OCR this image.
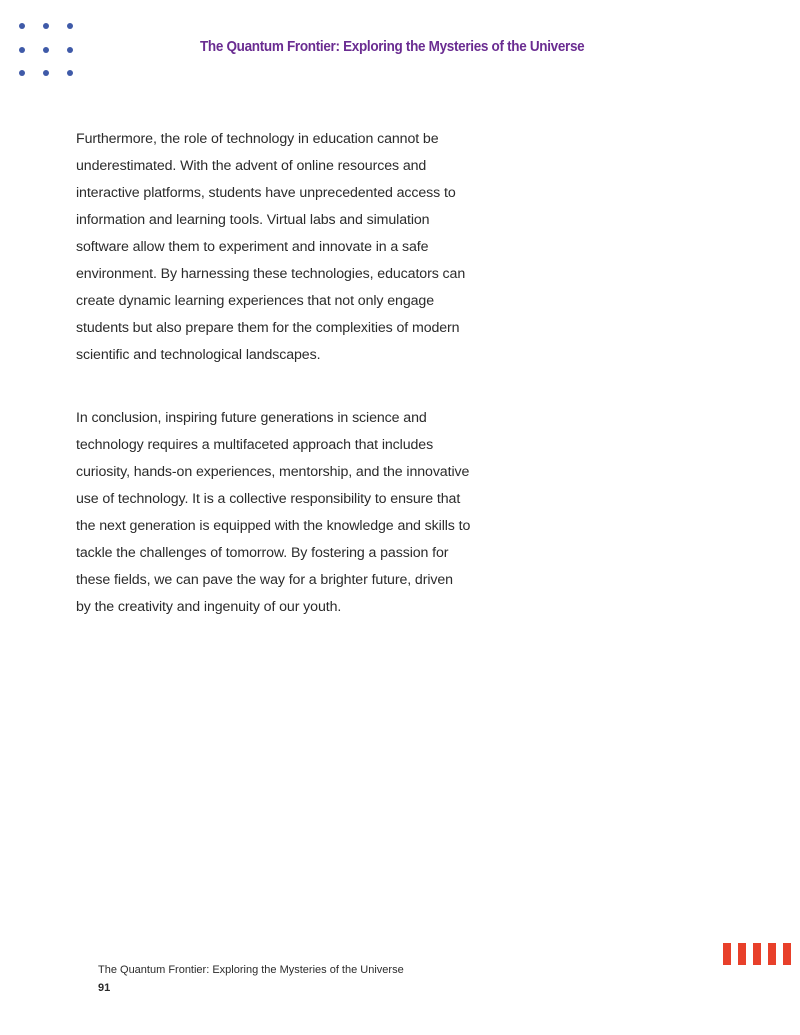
The Quantum Frontier: Exploring the Mysteries of the Universe

Furthermore, the role of technology in education cannot be underestimated. With the advent of online resources and interactive platforms, students have unprecedented access to information and learning tools. Virtual labs and simulation software allow them to experiment and innovate in a safe environment. By harnessing these technologies, educators can create dynamic learning experiences that not only engage students but also prepare them for the complexities of modern scientific and technological landscapes.

In conclusion, inspiring future generations in science and technology requires a multifaceted approach that includes curiosity, hands-on experiences, mentorship, and the innovative use of technology. It is a collective responsibility to ensure that the next generation is equipped with the knowledge and skills to tackle the challenges of tomorrow. By fostering a passion for these fields, we can pave the way for a brighter future, driven by the creativity and ingenuity of our youth.

The Quantum Frontier: Exploring the Mysteries of the Universe
91
